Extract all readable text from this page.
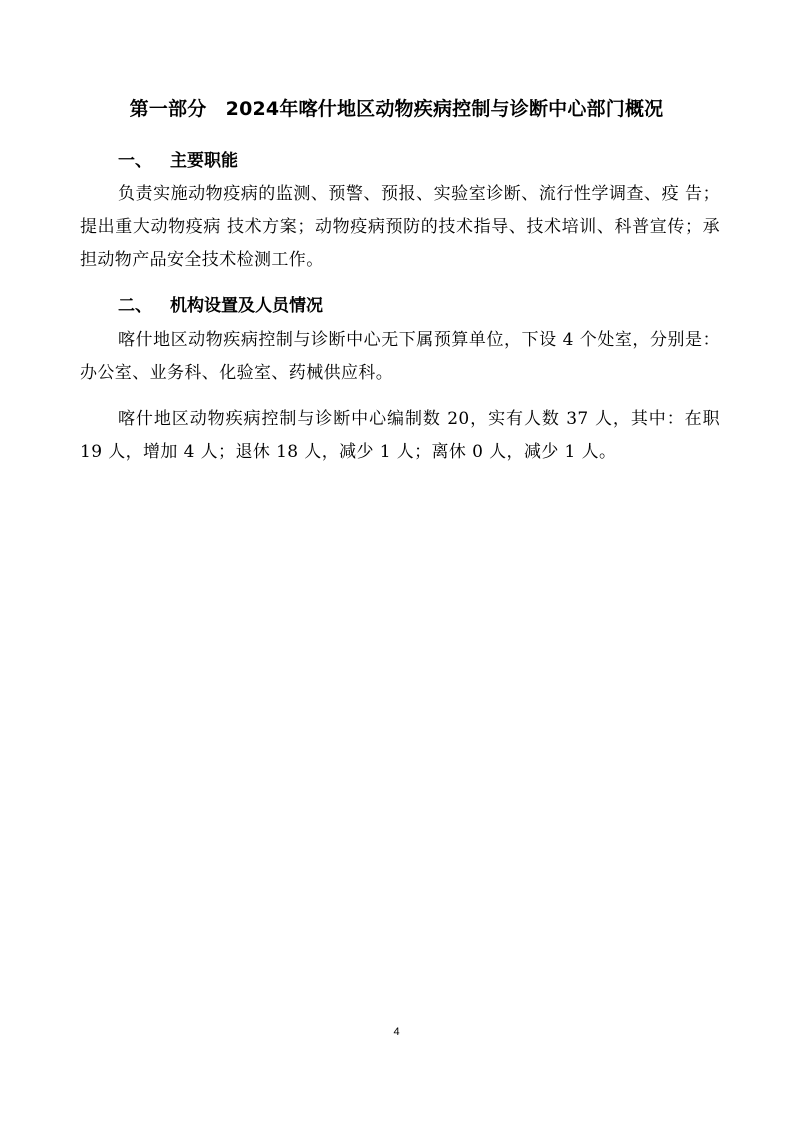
第一部分　2024年喀什地区动物疾病控制与诊断中心部门概况
一、 主要职能

负责实施动物疫病的监测、预警、预报、实验室诊断、流行性学调查、疫 告；提出重大动物疫病 技术方案；动物疫病预防的技术指导、技术培训、科普宣传；承担动物产品安全技术检测工作。

二、 机构设置及人员情况

喀什地区动物疾病控制与诊断中心无下属预算单位，下设 4 个处室，分别是：办公室、业务科、化验室、药械供应科。

喀什地区动物疾病控制与诊断中心编制数 20，实有人数 37 人，其中：在职 19 人，增加 4 人；退休 18 人，减少 1 人；离休 0 人，减少 1 人。

4
